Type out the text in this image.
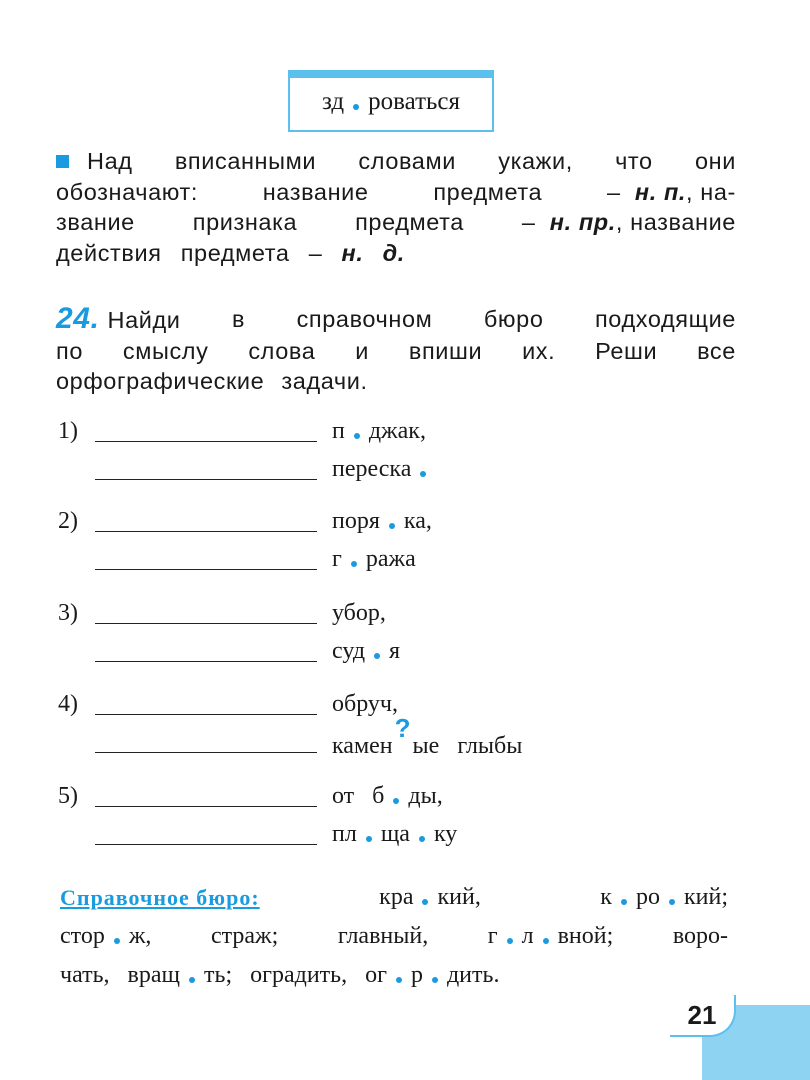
зд роваться
Над вписанными словами укажи, что они
обозначают:	название	предмета	– н. п., на-
звание признака предмета – н. пр., название
действия предмета – н. д.
24. Найди в справочном бюро подходящие
по смыслу слова и впиши их. Реши все
орфографические задачи.
1)	п джак,
переска
2)	поря ка,
г ража
3)	убор,
суд я
4)	обруч,
камен?ые глыбы
5)	от б ды,
пл ща ку
Справочное бюро:	кра кий,	к ро кий;
стор ж, страж; главный, г л вной; воро-
чать, вращ ть; оградить, ог р дить.
21
